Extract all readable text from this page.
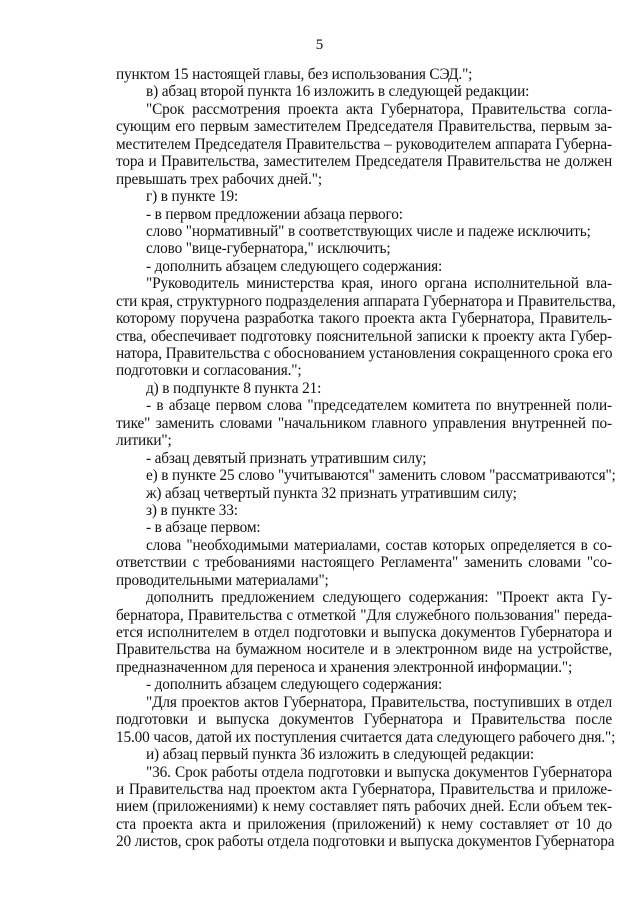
5
пунктом 15 настоящей главы, без использования СЭД.";
в) абзац второй пункта 16 изложить в следующей редакции:
"Срок рассмотрения проекта акта Губернатора, Правительства согла-
сующим его первым заместителем Председателя Правительства, первым за-
местителем Председателя Правительства – руководителем аппарата Губерна-
тора и Правительства, заместителем Председателя Правительства не должен
превышать трех рабочих дней.";
г) в пункте 19:
- в первом предложении абзаца первого:
слово "нормативный" в соответствующих числе и падеже исключить;
слово "вице-губернатора," исключить;
- дополнить абзацем следующего содержания:
"Руководитель министерства края, иного органа исполнительной вла-
сти края, структурного подразделения аппарата Губернатора и Правительства,
которому поручена разработка такого проекта акта Губернатора, Правитель-
ства, обеспечивает подготовку пояснительной записки к проекту акта Губер-
натора, Правительства с обоснованием установления сокращенного срока его
подготовки и согласования.";
д) в подпункте 8 пункта 21:
- в абзаце первом слова "председателем комитета по внутренней поли-
тике" заменить словами "начальником главного управления внутренней по-
литики";
- абзац девятый признать утратившим силу;
е) в пункте 25 слово "учитываются" заменить словом "рассматриваются";
ж) абзац четвертый пункта 32 признать утратившим силу;
з) в пункте 33:
- в абзаце первом:
слова "необходимыми материалами, состав которых определяется в со-
ответствии с требованиями настоящего Регламента" заменить словами "со-
проводительными материалами";
дополнить предложением следующего содержания: "Проект акта Гу-
бернатора, Правительства с отметкой "Для служебного пользования" переда-
ется исполнителем в отдел подготовки и выпуска документов Губернатора и
Правительства на бумажном носителе и в электронном виде на устройстве,
предназначенном для переноса и хранения электронной информации.";
- дополнить абзацем следующего содержания:
"Для проектов актов Губернатора, Правительства, поступивших в отдел
подготовки и выпуска документов Губернатора и Правительства после
15.00 часов, датой их поступления считается дата следующего рабочего дня.";
и) абзац первый пункта 36 изложить в следующей редакции:
"36. Срок работы отдела подготовки и выпуска документов Губернатора
и Правительства над проектом акта Губернатора, Правительства и приложе-
нием (приложениями) к нему составляет пять рабочих дней. Если объем тек-
ста проекта акта и приложения (приложений) к нему составляет от 10 до
20 листов, срок работы отдела подготовки и выпуска документов Губернатора
